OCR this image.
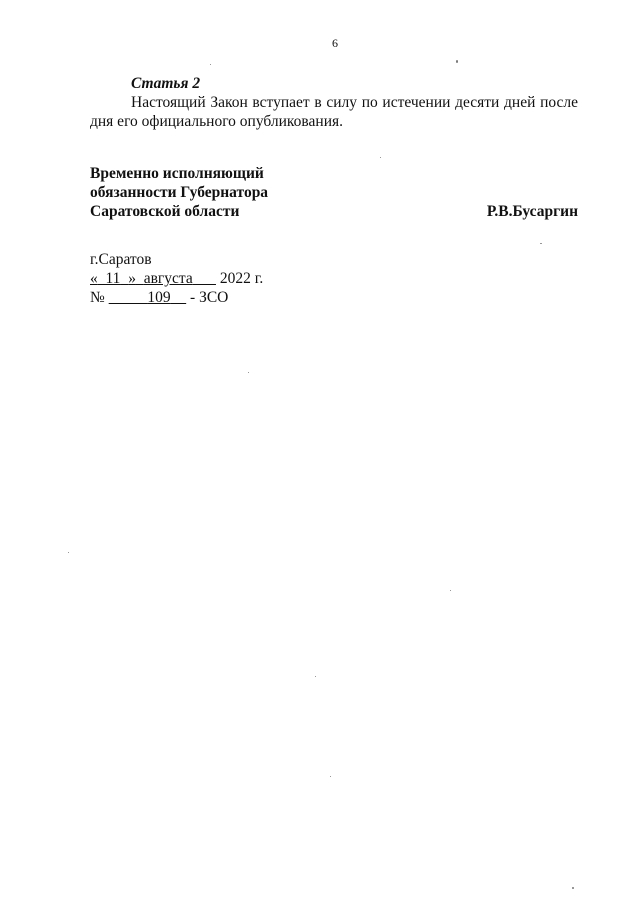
6
Статья 2

Настоящий Закон вступает в силу по истечении десяти дней после дня его официального опубликования.

Временно исполняющий
обязанности Губернатора
Саратовской области	Р.В.Бусаргин
г.Саратов
« 11 » августа 2022 г.
№	109 - ЗСО
